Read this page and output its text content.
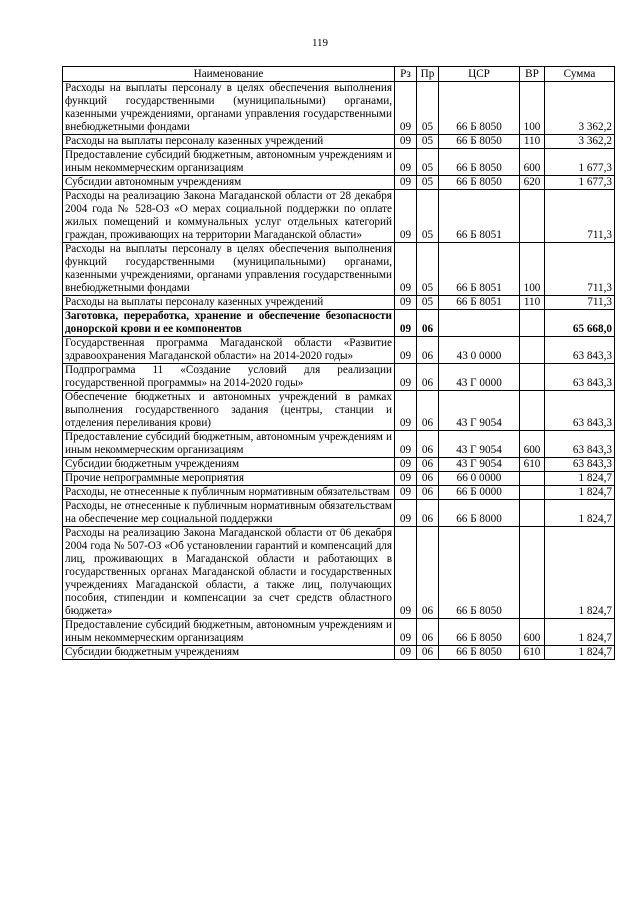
119
Наименование	Рз	Пр	ЦСР	ВР	Сумма
Расходы на выплаты персоналу в целях обеспечения выполнения функций государственными (муниципальными) органами, казенными учреждениями, органами управления государственными внебюджетными фондами	09	05	66 Б 8050	100	3 362,2
Расходы на выплаты персоналу казенных учреждений	09	05	66 Б 8050	110	3 362,2
Предоставление субсидий бюджетным, автономным учреждениям и иным некоммерческим организациям	09	05	66 Б 8050	600	1 677,3
Субсидии автономным учреждениям	09	05	66 Б 8050	620	1 677,3
Расходы на реализацию Закона Магаданской области от 28 декабря 2004 года № 528-ОЗ «О мерах социальной поддержки по оплате жилых помещений и коммунальных услуг отдельных категорий граждан, проживающих на территории Магаданской области»	09	05	66 Б 8051		711,3
Расходы на выплаты персоналу в целях обеспечения выполнения функций государственными (муниципальными) органами, казенными учреждениями, органами управления государственными внебюджетными фондами	09	05	66 Б 8051	100	711,3
Расходы на выплаты персоналу казенных учреждений	09	05	66 Б 8051	110	711,3
Заготовка, переработка, хранение и обеспечение безопасности донорской крови и ее компонентов	09	06			65 668,0
Государственная программа Магаданской области «Развитие здравоохранения Магаданской области» на 2014-2020 годы»	09	06	43 0 0000		63 843,3
Подпрограмма 11 «Создание условий для реализации государственной программы» на 2014-2020 годы»	09	06	43 Г 0000		63 843,3
Обеспечение бюджетных и автономных учреждений в рамках выполнения государственного задания (центры, станции и отделения переливания крови)	09	06	43 Г 9054		63 843,3
Предоставление субсидий бюджетным, автономным учреждениям и иным некоммерческим организациям	09	06	43 Г 9054	600	63 843,3
Субсидии бюджетным учреждениям	09	06	43 Г 9054	610	63 843,3
Прочие непрограммные мероприятия	09	06	66 0 0000		1 824,7
Расходы, не отнесенные к публичным нормативным обязательствам	09	06	66 Б 0000		1 824,7
Расходы, не отнесенные к публичным нормативным обязательствам на обеспечение мер социальной поддержки	09	06	66 Б 8000		1 824,7
Расходы на реализацию Закона Магаданской области от 06 декабря 2004 года № 507-ОЗ «Об установлении гарантий и компенсаций для лиц, проживающих в Магаданской области и работающих в государственных органах Магаданской области и государственных учреждениях Магаданской области, а также лиц, получающих пособия, стипендии и компенсации за счет средств областного бюджета»	09	06	66 Б 8050		1 824,7
Предоставление субсидий бюджетным, автономным учреждениям и иным некоммерческим организациям	09	06	66 Б 8050	600	1 824,7
Субсидии бюджетным учреждениям	09	06	66 Б 8050	610	1 824,7
